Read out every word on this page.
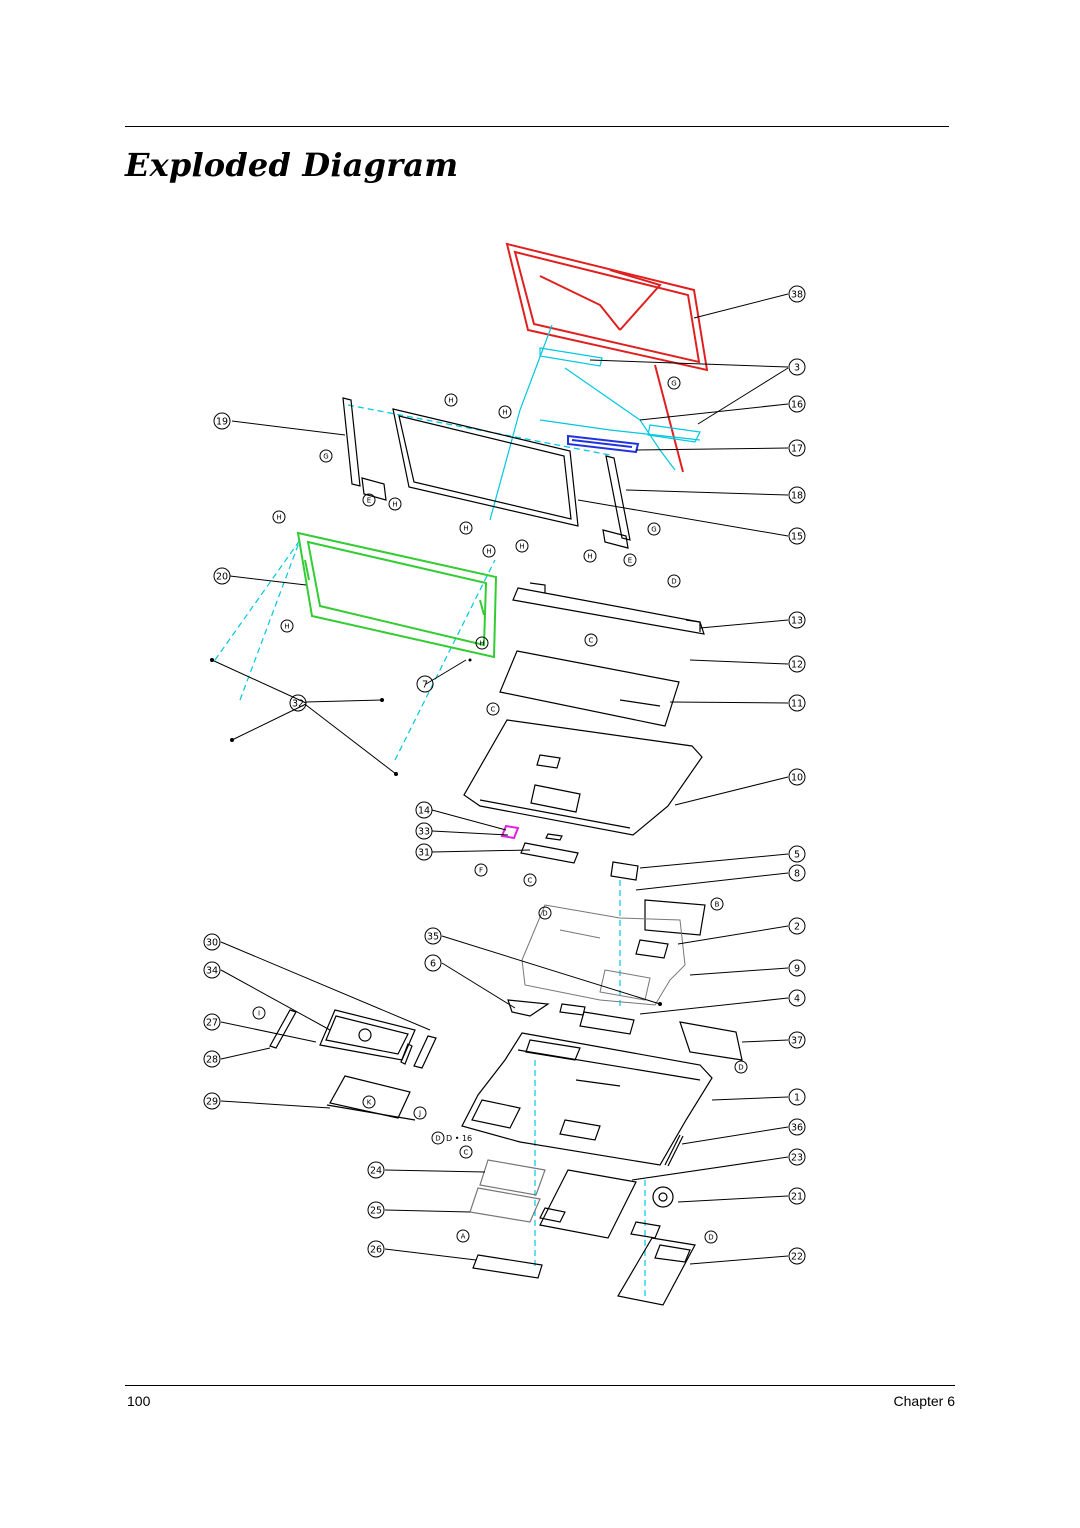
Exploded Diagram
38
3
16
17
18
15
13
12
11
10
5
8
2
9
4
37
1
36
23
21
22
19
20
7
32
14
33
31
30
34
27
28
29
35
6
24
25
26
H
H
G
G
E	H
H
H
H
H
G
H	E
D
H
H	C
C
F
C
D
B
I
D
K
J
D
C
A	D
D • 16
100	Chapter 6
